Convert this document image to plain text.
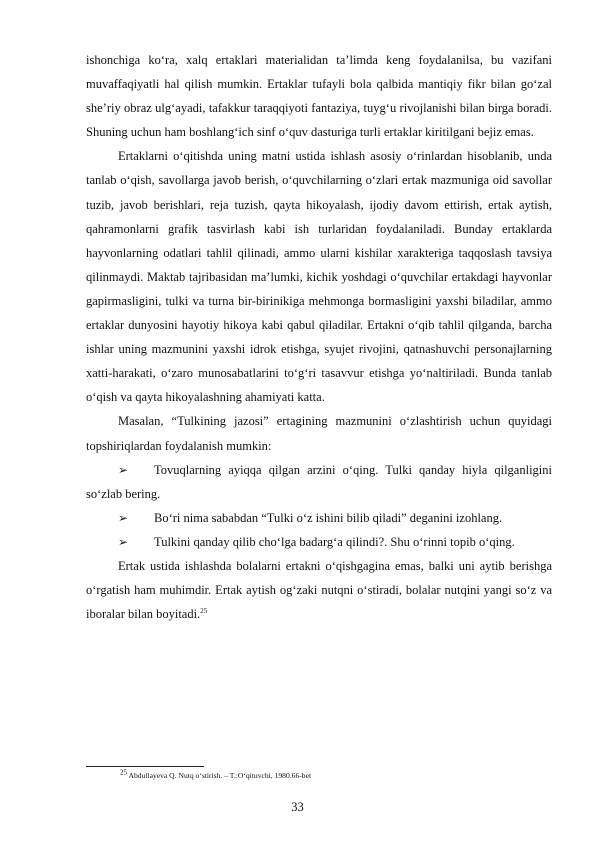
ishonchiga ko‘ra, xalq ertaklari materialidan ta’limda keng foydalanilsa, bu vazifani muvaffaqiyatli hal qilish mumkin. Ertaklar tufayli bola qalbida mantiqiy fikr bilan go‘zal she’riy obraz ulg‘ayadi, tafakkur taraqqiyoti fantaziya, tuyg‘u rivojlanishi bilan birga boradi. Shuning uchun ham boshlang‘ich sinf o‘quv dasturiga turli ertaklar kiritilgani bejiz emas.

Ertaklarni o‘qitishda uning matni ustida ishlash asosiy o‘rinlardan hisoblanib, unda tanlab o‘qish, savollarga javob berish, o‘quvchilarning o‘zlari ertak mazmuniga oid savollar tuzib, javob berishlari, reja tuzish, qayta hikoyalash, ijodiy davom ettirish, ertak aytish, qahramonlarni grafik tasvirlash kabi ish turlaridan foydalaniladi. Bunday ertaklarda hayvonlarning odatlari tahlil qilinadi, ammo ularni kishilar xarakteriga taqqoslash tavsiya qilinmaydi. Maktab tajribasidan ma’lumki, kichik yoshdagi o‘quvchilar ertakdagi hayvonlar gapirmasligini, tulki va turna bir-birinikiga mehmonga bormasligini yaxshi biladilar, ammo ertaklar dunyosini hayotiy hikoya kabi qabul qiladilar. Ertakni o‘qib tahlil qilganda, barcha ishlar uning mazmunini yaxshi idrok etishga, syujet rivojini, qatnashuvchi personajlarning xatti-harakati, o‘zaro munosabatlarini to‘g‘ri tasavvur etishga yo‘naltiriladi. Bunda tanlab o‘qish va qayta hikoyalashning ahamiyati katta.

Masalan, “Tulkining jazosi” ertagining mazmunini o‘zlashtirish uchun quyidagi topshiriqlardan foydalanish mumkin:

➢ Tovuqlarning ayiqqa qilgan arzini o‘qing. Tulki qanday hiyla qilganligini so‘zlab bering.

➢ Bo‘ri nima sababdan “Tulki o‘z ishini bilib qiladi” deganini izohlang.

➢ Tulkini qanday qilib cho‘lga badarg‘a qilindi?. Shu o‘rinni topib o‘qing.

Ertak ustida ishlashda bolalarni ertakni o‘qishgagina emas, balki uni aytib berishga o‘rgatish ham muhimdir. Ertak aytish og‘zaki nutqni o‘stiradi, bolalar nutqini yangi so‘z va iboralar bilan boyitadi.$^{25}$

$^{25}$ Abdullayeva Q. Nutq o‘stirish. – T.:O‘qituvchi, 1980.66-bet
33
